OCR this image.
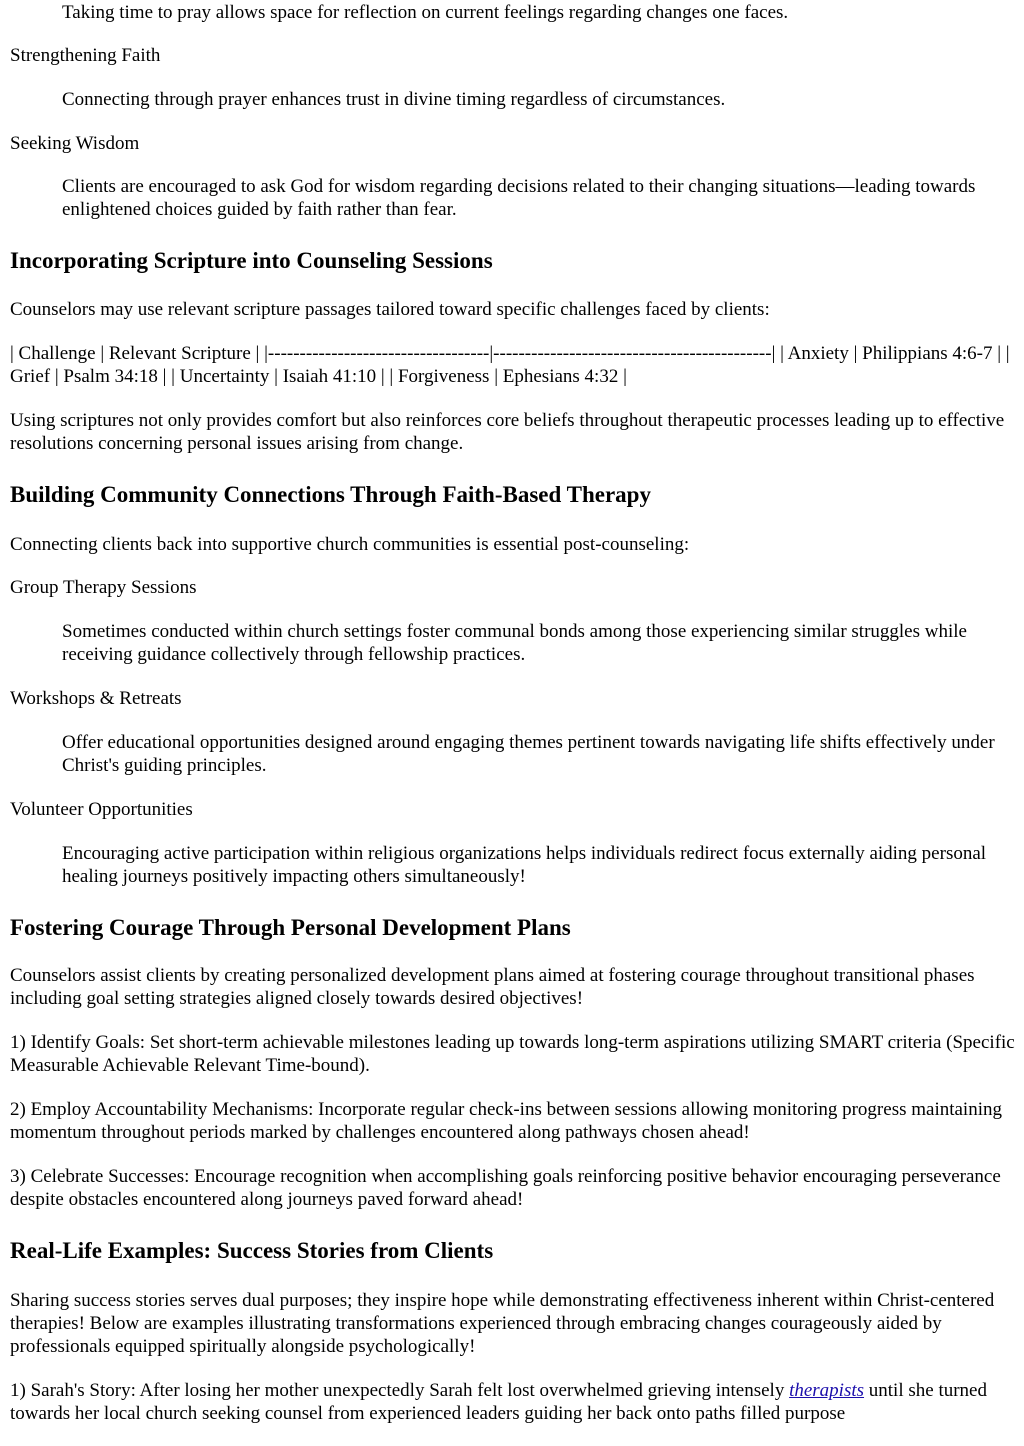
Taking time to pray allows space for reflection on current feelings regarding changes one faces.

Strengthening Faith

Connecting through prayer enhances trust in divine timing regardless of circumstances.

Seeking Wisdom

Clients are encouraged to ask God for wisdom regarding decisions related to their changing situations—leading towards enlightened choices guided by faith rather than fear.

Incorporating Scripture into Counseling Sessions

Counselors may use relevant scripture passages tailored toward specific challenges faced by clients:

| Challenge | Relevant Scripture | |-----------------------------------|--------------------------------------------| | Anxiety | Philippians 4:6-7 | | Grief | Psalm 34:18 | | Uncertainty | Isaiah 41:10 | | Forgiveness | Ephesians 4:32 |

Using scriptures not only provides comfort but also reinforces core beliefs throughout therapeutic processes leading up to effective resolutions concerning personal issues arising from change.

Building Community Connections Through Faith-Based Therapy

Connecting clients back into supportive church communities is essential post-counseling:

Group Therapy Sessions

Sometimes conducted within church settings foster communal bonds among those experiencing similar struggles while receiving guidance collectively through fellowship practices.

Workshops & Retreats

Offer educational opportunities designed around engaging themes pertinent towards navigating life shifts effectively under Christ's guiding principles.

Volunteer Opportunities

Encouraging active participation within religious organizations helps individuals redirect focus externally aiding personal healing journeys positively impacting others simultaneously!

Fostering Courage Through Personal Development Plans

Counselors assist clients by creating personalized development plans aimed at fostering courage throughout transitional phases including goal setting strategies aligned closely towards desired objectives!

1) Identify Goals: Set short-term achievable milestones leading up towards long-term aspirations utilizing SMART criteria (Specific Measurable Achievable Relevant Time-bound).

2) Employ Accountability Mechanisms: Incorporate regular check-ins between sessions allowing monitoring progress maintaining momentum throughout periods marked by challenges encountered along pathways chosen ahead!

3) Celebrate Successes: Encourage recognition when accomplishing goals reinforcing positive behavior encouraging perseverance despite obstacles encountered along journeys paved forward ahead!

Real-Life Examples: Success Stories from Clients

Sharing success stories serves dual purposes; they inspire hope while demonstrating effectiveness inherent within Christ-centered therapies! Below are examples illustrating transformations experienced through embracing changes courageously aided by professionals equipped spiritually alongside psychologically!

1) Sarah's Story: After losing her mother unexpectedly Sarah felt lost overwhelmed grieving intensely therapists until she turned towards her local church seeking counsel from experienced leaders guiding her back onto paths filled purpose
